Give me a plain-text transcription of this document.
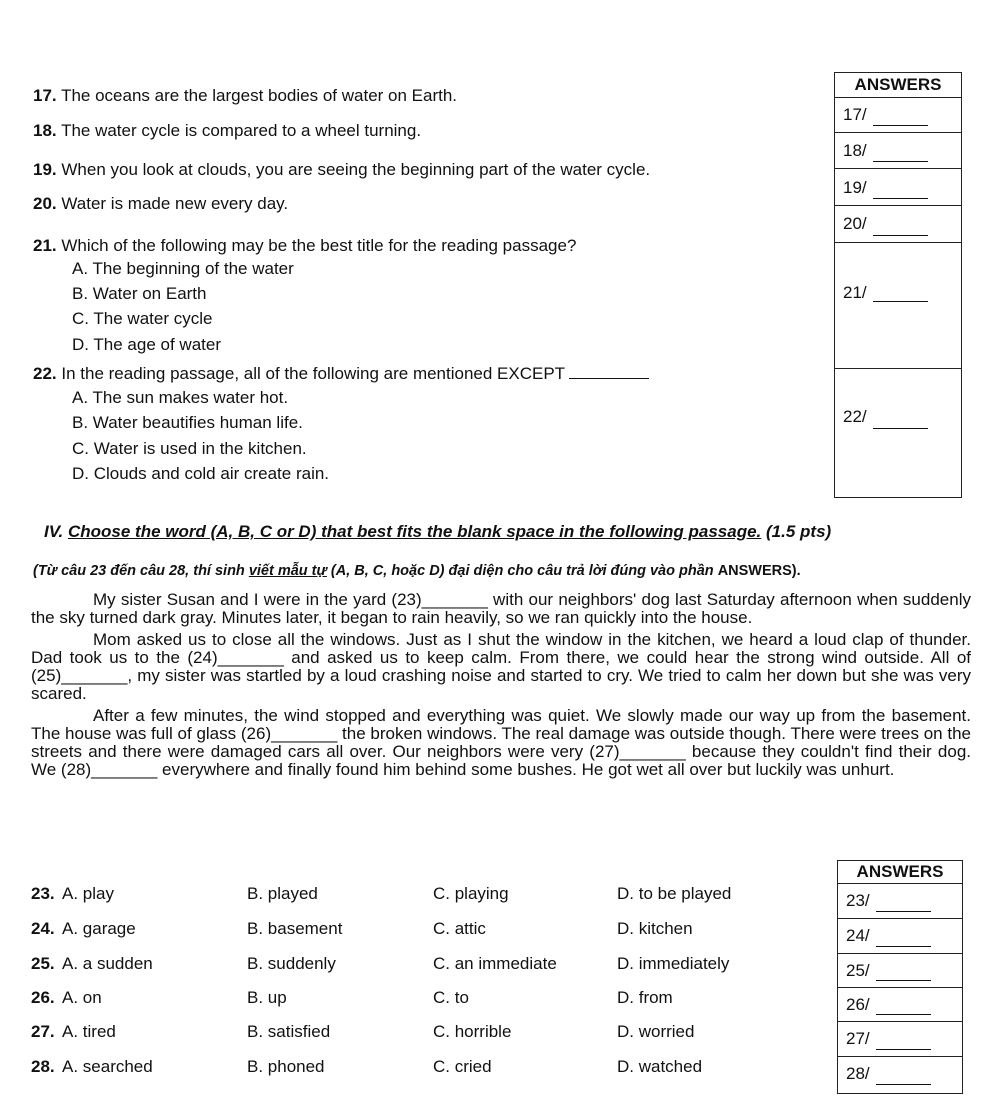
17. The oceans are the largest bodies of water on Earth.
18. The water cycle is compared to a wheel turning.
19. When you look at clouds, you are seeing the beginning part of the water cycle.
20. Water is made new every day.
21. Which of the following may be the best title for the reading passage?
A. The beginning of the water
B. Water on Earth
C. The water cycle
D. The age of water
22. In the reading passage, all of the following are mentioned EXCEPT
A. The sun makes water hot.
B. Water beautifies human life.
C. Water is used in the kitchen.
D. Clouds and cold air create rain.
ANSWERS
17/
18/
19/
20/
21/
22/
IV. Choose the word (A, B, C or D) that best fits the blank space in the following passage. (1.5 pts)
(Từ câu 23 đến câu 28, thí sinh viết mẫu tự (A, B, C, hoặc D) đại diện cho câu trả lời đúng vào phần ANSWERS).

My sister Susan and I were in the yard (23)_______ with our neighbors' dog last Saturday afternoon when suddenly the sky turned dark gray. Minutes later, it began to rain heavily, so we ran quickly into the house.

Mom asked us to close all the windows. Just as I shut the window in the kitchen, we heard a loud clap of thunder. Dad took us to the (24)_______ and asked us to keep calm. From there, we could hear the strong wind outside. All of (25)_______, my sister was startled by a loud crashing noise and started to cry. We tried to calm her down but she was very scared.

After a few minutes, the wind stopped and everything was quiet. We slowly made our way up from the basement. The house was full of glass (26)_______ the broken windows. The real damage was outside though. There were trees on the streets and there were damaged cars all over. Our neighbors were very (27)_______ because they couldn't find their dog. We (28)_______ everywhere and finally found him behind some bushes. He got wet all over but luckily was unhurt.

23. A. play	B. played	C. playing	D. to be played
24. A. garage	B. basement	C. attic	D. kitchen
25. A. a sudden	B. suddenly	C. an immediate	D. immediately
26. A. on	B. up	C. to	D. from
27. A. tired	B. satisfied	C. horrible	D. worried
28. A. searched	B. phoned	C. cried	D. watched
ANSWERS
23/
24/
25/
26/
27/
28/
